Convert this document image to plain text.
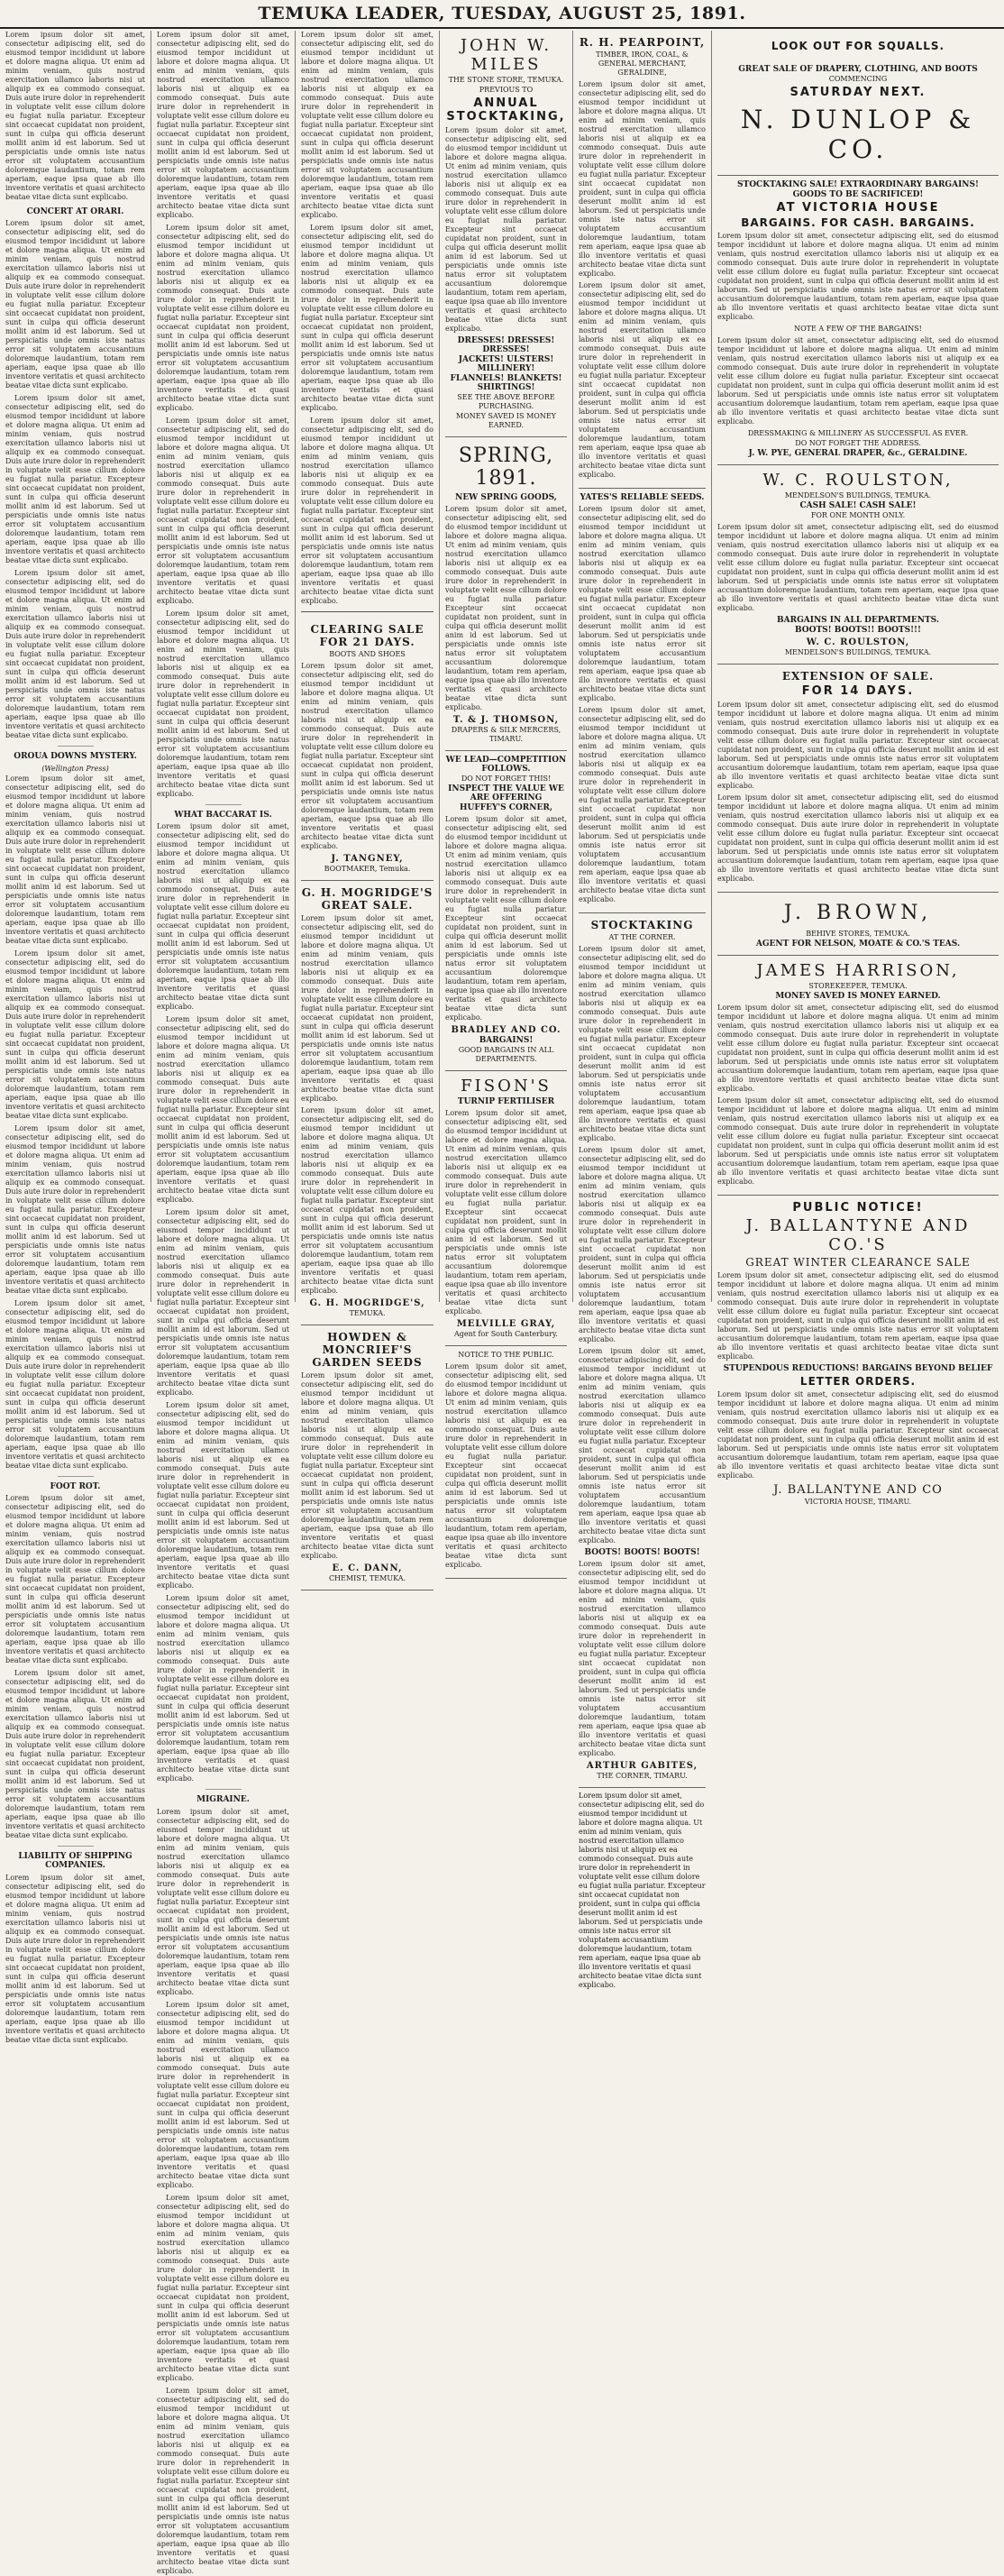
TEMUKA LEADER, TUESDAY, AUGUST 25, 1891.
Lorem ipsum dolor sit amet, consectetur adipiscing elit, sed do eiusmod tempor incididunt ut labore et dolore magna aliqua. Ut enim ad minim veniam, quis nostrud exercitation ullamco laboris nisi ut aliquip ex ea commodo consequat. Duis aute irure dolor in reprehenderit in voluptate velit esse cillum dolore eu fugiat nulla pariatur. Excepteur sint occaecat cupidatat non proident, sunt in culpa qui officia deserunt mollit anim id est laborum. Sed ut perspiciatis unde omnis iste natus error sit voluptatem accusantium doloremque laudantium, totam rem aperiam, eaque ipsa quae ab illo inventore veritatis et quasi architecto beatae vitae dicta sunt explicabo.
CONCERT AT ORARI.
Lorem ipsum dolor sit amet, consectetur adipiscing elit, sed do eiusmod tempor incididunt ut labore et dolore magna aliqua. Ut enim ad minim veniam, quis nostrud exercitation ullamco laboris nisi ut aliquip ex ea commodo consequat. Duis aute irure dolor in reprehenderit in voluptate velit esse cillum dolore eu fugiat nulla pariatur. Excepteur sint occaecat cupidatat non proident, sunt in culpa qui officia deserunt mollit anim id est laborum. Sed ut perspiciatis unde omnis iste natus error sit voluptatem accusantium doloremque laudantium, totam rem aperiam, eaque ipsa quae ab illo inventore veritatis et quasi architecto beatae vitae dicta sunt explicabo.
Lorem ipsum dolor sit amet, consectetur adipiscing elit, sed do eiusmod tempor incididunt ut labore et dolore magna aliqua. Ut enim ad minim veniam, quis nostrud exercitation ullamco laboris nisi ut aliquip ex ea commodo consequat. Duis aute irure dolor in reprehenderit in voluptate velit esse cillum dolore eu fugiat nulla pariatur. Excepteur sint occaecat cupidatat non proident, sunt in culpa qui officia deserunt mollit anim id est laborum. Sed ut perspiciatis unde omnis iste natus error sit voluptatem accusantium doloremque laudantium, totam rem aperiam, eaque ipsa quae ab illo inventore veritatis et quasi architecto beatae vitae dicta sunt explicabo.
Lorem ipsum dolor sit amet, consectetur adipiscing elit, sed do eiusmod tempor incididunt ut labore et dolore magna aliqua. Ut enim ad minim veniam, quis nostrud exercitation ullamco laboris nisi ut aliquip ex ea commodo consequat. Duis aute irure dolor in reprehenderit in voluptate velit esse cillum dolore eu fugiat nulla pariatur. Excepteur sint occaecat cupidatat non proident, sunt in culpa qui officia deserunt mollit anim id est laborum. Sed ut perspiciatis unde omnis iste natus error sit voluptatem accusantium doloremque laudantium, totam rem aperiam, eaque ipsa quae ab illo inventore veritatis et quasi architecto beatae vitae dicta sunt explicabo.
OROUA DOWNS MYSTERY.
(Wellington Press)
Lorem ipsum dolor sit amet, consectetur adipiscing elit, sed do eiusmod tempor incididunt ut labore et dolore magna aliqua. Ut enim ad minim veniam, quis nostrud exercitation ullamco laboris nisi ut aliquip ex ea commodo consequat. Duis aute irure dolor in reprehenderit in voluptate velit esse cillum dolore eu fugiat nulla pariatur. Excepteur sint occaecat cupidatat non proident, sunt in culpa qui officia deserunt mollit anim id est laborum. Sed ut perspiciatis unde omnis iste natus error sit voluptatem accusantium doloremque laudantium, totam rem aperiam, eaque ipsa quae ab illo inventore veritatis et quasi architecto beatae vitae dicta sunt explicabo.
Lorem ipsum dolor sit amet, consectetur adipiscing elit, sed do eiusmod tempor incididunt ut labore et dolore magna aliqua. Ut enim ad minim veniam, quis nostrud exercitation ullamco laboris nisi ut aliquip ex ea commodo consequat. Duis aute irure dolor in reprehenderit in voluptate velit esse cillum dolore eu fugiat nulla pariatur. Excepteur sint occaecat cupidatat non proident, sunt in culpa qui officia deserunt mollit anim id est laborum. Sed ut perspiciatis unde omnis iste natus error sit voluptatem accusantium doloremque laudantium, totam rem aperiam, eaque ipsa quae ab illo inventore veritatis et quasi architecto beatae vitae dicta sunt explicabo.
Lorem ipsum dolor sit amet, consectetur adipiscing elit, sed do eiusmod tempor incididunt ut labore et dolore magna aliqua. Ut enim ad minim veniam, quis nostrud exercitation ullamco laboris nisi ut aliquip ex ea commodo consequat. Duis aute irure dolor in reprehenderit in voluptate velit esse cillum dolore eu fugiat nulla pariatur. Excepteur sint occaecat cupidatat non proident, sunt in culpa qui officia deserunt mollit anim id est laborum. Sed ut perspiciatis unde omnis iste natus error sit voluptatem accusantium doloremque laudantium, totam rem aperiam, eaque ipsa quae ab illo inventore veritatis et quasi architecto beatae vitae dicta sunt explicabo.
Lorem ipsum dolor sit amet, consectetur adipiscing elit, sed do eiusmod tempor incididunt ut labore et dolore magna aliqua. Ut enim ad minim veniam, quis nostrud exercitation ullamco laboris nisi ut aliquip ex ea commodo consequat. Duis aute irure dolor in reprehenderit in voluptate velit esse cillum dolore eu fugiat nulla pariatur. Excepteur sint occaecat cupidatat non proident, sunt in culpa qui officia deserunt mollit anim id est laborum. Sed ut perspiciatis unde omnis iste natus error sit voluptatem accusantium doloremque laudantium, totam rem aperiam, eaque ipsa quae ab illo inventore veritatis et quasi architecto beatae vitae dicta sunt explicabo.
FOOT ROT.
Lorem ipsum dolor sit amet, consectetur adipiscing elit, sed do eiusmod tempor incididunt ut labore et dolore magna aliqua. Ut enim ad minim veniam, quis nostrud exercitation ullamco laboris nisi ut aliquip ex ea commodo consequat. Duis aute irure dolor in reprehenderit in voluptate velit esse cillum dolore eu fugiat nulla pariatur. Excepteur sint occaecat cupidatat non proident, sunt in culpa qui officia deserunt mollit anim id est laborum. Sed ut perspiciatis unde omnis iste natus error sit voluptatem accusantium doloremque laudantium, totam rem aperiam, eaque ipsa quae ab illo inventore veritatis et quasi architecto beatae vitae dicta sunt explicabo.
Lorem ipsum dolor sit amet, consectetur adipiscing elit, sed do eiusmod tempor incididunt ut labore et dolore magna aliqua. Ut enim ad minim veniam, quis nostrud exercitation ullamco laboris nisi ut aliquip ex ea commodo consequat. Duis aute irure dolor in reprehenderit in voluptate velit esse cillum dolore eu fugiat nulla pariatur. Excepteur sint occaecat cupidatat non proident, sunt in culpa qui officia deserunt mollit anim id est laborum. Sed ut perspiciatis unde omnis iste natus error sit voluptatem accusantium doloremque laudantium, totam rem aperiam, eaque ipsa quae ab illo inventore veritatis et quasi architecto beatae vitae dicta sunt explicabo.
LIABILITY OF SHIPPING COMPANIES.
Lorem ipsum dolor sit amet, consectetur adipiscing elit, sed do eiusmod tempor incididunt ut labore et dolore magna aliqua. Ut enim ad minim veniam, quis nostrud exercitation ullamco laboris nisi ut aliquip ex ea commodo consequat. Duis aute irure dolor in reprehenderit in voluptate velit esse cillum dolore eu fugiat nulla pariatur. Excepteur sint occaecat cupidatat non proident, sunt in culpa qui officia deserunt mollit anim id est laborum. Sed ut perspiciatis unde omnis iste natus error sit voluptatem accusantium doloremque laudantium, totam rem aperiam, eaque ipsa quae ab illo inventore veritatis et quasi architecto beatae vitae dicta sunt explicabo.
Lorem ipsum dolor sit amet, consectetur adipiscing elit, sed do eiusmod tempor incididunt ut labore et dolore magna aliqua. Ut enim ad minim veniam, quis nostrud exercitation ullamco laboris nisi ut aliquip ex ea commodo consequat. Duis aute irure dolor in reprehenderit in voluptate velit esse cillum dolore eu fugiat nulla pariatur. Excepteur sint occaecat cupidatat non proident, sunt in culpa qui officia deserunt mollit anim id est laborum. Sed ut perspiciatis unde omnis iste natus error sit voluptatem accusantium doloremque laudantium, totam rem aperiam, eaque ipsa quae ab illo inventore veritatis et quasi architecto beatae vitae dicta sunt explicabo.
Lorem ipsum dolor sit amet, consectetur adipiscing elit, sed do eiusmod tempor incididunt ut labore et dolore magna aliqua. Ut enim ad minim veniam, quis nostrud exercitation ullamco laboris nisi ut aliquip ex ea commodo consequat. Duis aute irure dolor in reprehenderit in voluptate velit esse cillum dolore eu fugiat nulla pariatur. Excepteur sint occaecat cupidatat non proident, sunt in culpa qui officia deserunt mollit anim id est laborum. Sed ut perspiciatis unde omnis iste natus error sit voluptatem accusantium doloremque laudantium, totam rem aperiam, eaque ipsa quae ab illo inventore veritatis et quasi architecto beatae vitae dicta sunt explicabo.
Lorem ipsum dolor sit amet, consectetur adipiscing elit, sed do eiusmod tempor incididunt ut labore et dolore magna aliqua. Ut enim ad minim veniam, quis nostrud exercitation ullamco laboris nisi ut aliquip ex ea commodo consequat. Duis aute irure dolor in reprehenderit in voluptate velit esse cillum dolore eu fugiat nulla pariatur. Excepteur sint occaecat cupidatat non proident, sunt in culpa qui officia deserunt mollit anim id est laborum. Sed ut perspiciatis unde omnis iste natus error sit voluptatem accusantium doloremque laudantium, totam rem aperiam, eaque ipsa quae ab illo inventore veritatis et quasi architecto beatae vitae dicta sunt explicabo.
Lorem ipsum dolor sit amet, consectetur adipiscing elit, sed do eiusmod tempor incididunt ut labore et dolore magna aliqua. Ut enim ad minim veniam, quis nostrud exercitation ullamco laboris nisi ut aliquip ex ea commodo consequat. Duis aute irure dolor in reprehenderit in voluptate velit esse cillum dolore eu fugiat nulla pariatur. Excepteur sint occaecat cupidatat non proident, sunt in culpa qui officia deserunt mollit anim id est laborum. Sed ut perspiciatis unde omnis iste natus error sit voluptatem accusantium doloremque laudantium, totam rem aperiam, eaque ipsa quae ab illo inventore veritatis et quasi architecto beatae vitae dicta sunt explicabo.
WHAT BACCARAT IS.
Lorem ipsum dolor sit amet, consectetur adipiscing elit, sed do eiusmod tempor incididunt ut labore et dolore magna aliqua. Ut enim ad minim veniam, quis nostrud exercitation ullamco laboris nisi ut aliquip ex ea commodo consequat. Duis aute irure dolor in reprehenderit in voluptate velit esse cillum dolore eu fugiat nulla pariatur. Excepteur sint occaecat cupidatat non proident, sunt in culpa qui officia deserunt mollit anim id est laborum. Sed ut perspiciatis unde omnis iste natus error sit voluptatem accusantium doloremque laudantium, totam rem aperiam, eaque ipsa quae ab illo inventore veritatis et quasi architecto beatae vitae dicta sunt explicabo.
Lorem ipsum dolor sit amet, consectetur adipiscing elit, sed do eiusmod tempor incididunt ut labore et dolore magna aliqua. Ut enim ad minim veniam, quis nostrud exercitation ullamco laboris nisi ut aliquip ex ea commodo consequat. Duis aute irure dolor in reprehenderit in voluptate velit esse cillum dolore eu fugiat nulla pariatur. Excepteur sint occaecat cupidatat non proident, sunt in culpa qui officia deserunt mollit anim id est laborum. Sed ut perspiciatis unde omnis iste natus error sit voluptatem accusantium doloremque laudantium, totam rem aperiam, eaque ipsa quae ab illo inventore veritatis et quasi architecto beatae vitae dicta sunt explicabo.
Lorem ipsum dolor sit amet, consectetur adipiscing elit, sed do eiusmod tempor incididunt ut labore et dolore magna aliqua. Ut enim ad minim veniam, quis nostrud exercitation ullamco laboris nisi ut aliquip ex ea commodo consequat. Duis aute irure dolor in reprehenderit in voluptate velit esse cillum dolore eu fugiat nulla pariatur. Excepteur sint occaecat cupidatat non proident, sunt in culpa qui officia deserunt mollit anim id est laborum. Sed ut perspiciatis unde omnis iste natus error sit voluptatem accusantium doloremque laudantium, totam rem aperiam, eaque ipsa quae ab illo inventore veritatis et quasi architecto beatae vitae dicta sunt explicabo.
Lorem ipsum dolor sit amet, consectetur adipiscing elit, sed do eiusmod tempor incididunt ut labore et dolore magna aliqua. Ut enim ad minim veniam, quis nostrud exercitation ullamco laboris nisi ut aliquip ex ea commodo consequat. Duis aute irure dolor in reprehenderit in voluptate velit esse cillum dolore eu fugiat nulla pariatur. Excepteur sint occaecat cupidatat non proident, sunt in culpa qui officia deserunt mollit anim id est laborum. Sed ut perspiciatis unde omnis iste natus error sit voluptatem accusantium doloremque laudantium, totam rem aperiam, eaque ipsa quae ab illo inventore veritatis et quasi architecto beatae vitae dicta sunt explicabo.
Lorem ipsum dolor sit amet, consectetur adipiscing elit, sed do eiusmod tempor incididunt ut labore et dolore magna aliqua. Ut enim ad minim veniam, quis nostrud exercitation ullamco laboris nisi ut aliquip ex ea commodo consequat. Duis aute irure dolor in reprehenderit in voluptate velit esse cillum dolore eu fugiat nulla pariatur. Excepteur sint occaecat cupidatat non proident, sunt in culpa qui officia deserunt mollit anim id est laborum. Sed ut perspiciatis unde omnis iste natus error sit voluptatem accusantium doloremque laudantium, totam rem aperiam, eaque ipsa quae ab illo inventore veritatis et quasi architecto beatae vitae dicta sunt explicabo.
MIGRAINE.
Lorem ipsum dolor sit amet, consectetur adipiscing elit, sed do eiusmod tempor incididunt ut labore et dolore magna aliqua. Ut enim ad minim veniam, quis nostrud exercitation ullamco laboris nisi ut aliquip ex ea commodo consequat. Duis aute irure dolor in reprehenderit in voluptate velit esse cillum dolore eu fugiat nulla pariatur. Excepteur sint occaecat cupidatat non proident, sunt in culpa qui officia deserunt mollit anim id est laborum. Sed ut perspiciatis unde omnis iste natus error sit voluptatem accusantium doloremque laudantium, totam rem aperiam, eaque ipsa quae ab illo inventore veritatis et quasi architecto beatae vitae dicta sunt explicabo.
Lorem ipsum dolor sit amet, consectetur adipiscing elit, sed do eiusmod tempor incididunt ut labore et dolore magna aliqua. Ut enim ad minim veniam, quis nostrud exercitation ullamco laboris nisi ut aliquip ex ea commodo consequat. Duis aute irure dolor in reprehenderit in voluptate velit esse cillum dolore eu fugiat nulla pariatur. Excepteur sint occaecat cupidatat non proident, sunt in culpa qui officia deserunt mollit anim id est laborum. Sed ut perspiciatis unde omnis iste natus error sit voluptatem accusantium doloremque laudantium, totam rem aperiam, eaque ipsa quae ab illo inventore veritatis et quasi architecto beatae vitae dicta sunt explicabo.
Lorem ipsum dolor sit amet, consectetur adipiscing elit, sed do eiusmod tempor incididunt ut labore et dolore magna aliqua. Ut enim ad minim veniam, quis nostrud exercitation ullamco laboris nisi ut aliquip ex ea commodo consequat. Duis aute irure dolor in reprehenderit in voluptate velit esse cillum dolore eu fugiat nulla pariatur. Excepteur sint occaecat cupidatat non proident, sunt in culpa qui officia deserunt mollit anim id est laborum. Sed ut perspiciatis unde omnis iste natus error sit voluptatem accusantium doloremque laudantium, totam rem aperiam, eaque ipsa quae ab illo inventore veritatis et quasi architecto beatae vitae dicta sunt explicabo.
Lorem ipsum dolor sit amet, consectetur adipiscing elit, sed do eiusmod tempor incididunt ut labore et dolore magna aliqua. Ut enim ad minim veniam, quis nostrud exercitation ullamco laboris nisi ut aliquip ex ea commodo consequat. Duis aute irure dolor in reprehenderit in voluptate velit esse cillum dolore eu fugiat nulla pariatur. Excepteur sint occaecat cupidatat non proident, sunt in culpa qui officia deserunt mollit anim id est laborum. Sed ut perspiciatis unde omnis iste natus error sit voluptatem accusantium doloremque laudantium, totam rem aperiam, eaque ipsa quae ab illo inventore veritatis et quasi architecto beatae vitae dicta sunt explicabo.
Lorem ipsum dolor sit amet, consectetur adipiscing elit, sed do eiusmod tempor incididunt ut labore et dolore magna aliqua. Ut enim ad minim veniam, quis nostrud exercitation ullamco laboris nisi ut aliquip ex ea commodo consequat. Duis aute irure dolor in reprehenderit in voluptate velit esse cillum dolore eu fugiat nulla pariatur. Excepteur sint occaecat cupidatat non proident, sunt in culpa qui officia deserunt mollit anim id est laborum. Sed ut perspiciatis unde omnis iste natus error sit voluptatem accusantium doloremque laudantium, totam rem aperiam, eaque ipsa quae ab illo inventore veritatis et quasi architecto beatae vitae dicta sunt explicabo.
Lorem ipsum dolor sit amet, consectetur adipiscing elit, sed do eiusmod tempor incididunt ut labore et dolore magna aliqua. Ut enim ad minim veniam, quis nostrud exercitation ullamco laboris nisi ut aliquip ex ea commodo consequat. Duis aute irure dolor in reprehenderit in voluptate velit esse cillum dolore eu fugiat nulla pariatur. Excepteur sint occaecat cupidatat non proident, sunt in culpa qui officia deserunt mollit anim id est laborum. Sed ut perspiciatis unde omnis iste natus error sit voluptatem accusantium doloremque laudantium, totam rem aperiam, eaque ipsa quae ab illo inventore veritatis et quasi architecto beatae vitae dicta sunt explicabo.
Lorem ipsum dolor sit amet, consectetur adipiscing elit, sed do eiusmod tempor incididunt ut labore et dolore magna aliqua. Ut enim ad minim veniam, quis nostrud exercitation ullamco laboris nisi ut aliquip ex ea commodo consequat. Duis aute irure dolor in reprehenderit in voluptate velit esse cillum dolore eu fugiat nulla pariatur. Excepteur sint occaecat cupidatat non proident, sunt in culpa qui officia deserunt mollit anim id est laborum. Sed ut perspiciatis unde omnis iste natus error sit voluptatem accusantium doloremque laudantium, totam rem aperiam, eaque ipsa quae ab illo inventore veritatis et quasi architecto beatae vitae dicta sunt explicabo.
CLEARING SALE FOR 21 DAYS.
BOOTS AND SHOES
Lorem ipsum dolor sit amet, consectetur adipiscing elit, sed do eiusmod tempor incididunt ut labore et dolore magna aliqua. Ut enim ad minim veniam, quis nostrud exercitation ullamco laboris nisi ut aliquip ex ea commodo consequat. Duis aute irure dolor in reprehenderit in voluptate velit esse cillum dolore eu fugiat nulla pariatur. Excepteur sint occaecat cupidatat non proident, sunt in culpa qui officia deserunt mollit anim id est laborum. Sed ut perspiciatis unde omnis iste natus error sit voluptatem accusantium doloremque laudantium, totam rem aperiam, eaque ipsa quae ab illo inventore veritatis et quasi architecto beatae vitae dicta sunt explicabo.
J. TANGNEY,
BOOTMAKER, Temuka.
G. H. MOGRIDGE'S GREAT SALE.
Lorem ipsum dolor sit amet, consectetur adipiscing elit, sed do eiusmod tempor incididunt ut labore et dolore magna aliqua. Ut enim ad minim veniam, quis nostrud exercitation ullamco laboris nisi ut aliquip ex ea commodo consequat. Duis aute irure dolor in reprehenderit in voluptate velit esse cillum dolore eu fugiat nulla pariatur. Excepteur sint occaecat cupidatat non proident, sunt in culpa qui officia deserunt mollit anim id est laborum. Sed ut perspiciatis unde omnis iste natus error sit voluptatem accusantium doloremque laudantium, totam rem aperiam, eaque ipsa quae ab illo inventore veritatis et quasi architecto beatae vitae dicta sunt explicabo.
Lorem ipsum dolor sit amet, consectetur adipiscing elit, sed do eiusmod tempor incididunt ut labore et dolore magna aliqua. Ut enim ad minim veniam, quis nostrud exercitation ullamco laboris nisi ut aliquip ex ea commodo consequat. Duis aute irure dolor in reprehenderit in voluptate velit esse cillum dolore eu fugiat nulla pariatur. Excepteur sint occaecat cupidatat non proident, sunt in culpa qui officia deserunt mollit anim id est laborum. Sed ut perspiciatis unde omnis iste natus error sit voluptatem accusantium doloremque laudantium, totam rem aperiam, eaque ipsa quae ab illo inventore veritatis et quasi architecto beatae vitae dicta sunt explicabo.
G. H. MOGRIDGE'S,
TEMUKA.
HOWDEN & MONCRIEF'S GARDEN SEEDS
Lorem ipsum dolor sit amet, consectetur adipiscing elit, sed do eiusmod tempor incididunt ut labore et dolore magna aliqua. Ut enim ad minim veniam, quis nostrud exercitation ullamco laboris nisi ut aliquip ex ea commodo consequat. Duis aute irure dolor in reprehenderit in voluptate velit esse cillum dolore eu fugiat nulla pariatur. Excepteur sint occaecat cupidatat non proident, sunt in culpa qui officia deserunt mollit anim id est laborum. Sed ut perspiciatis unde omnis iste natus error sit voluptatem accusantium doloremque laudantium, totam rem aperiam, eaque ipsa quae ab illo inventore veritatis et quasi architecto beatae vitae dicta sunt explicabo.
E. C. DANN,
CHEMIST, TEMUKA.
JOHN W. MILES
THE STONE STORE, TEMUKA.
PREVIOUS TO
ANNUAL STOCKTAKING,
Lorem ipsum dolor sit amet, consectetur adipiscing elit, sed do eiusmod tempor incididunt ut labore et dolore magna aliqua. Ut enim ad minim veniam, quis nostrud exercitation ullamco laboris nisi ut aliquip ex ea commodo consequat. Duis aute irure dolor in reprehenderit in voluptate velit esse cillum dolore eu fugiat nulla pariatur. Excepteur sint occaecat cupidatat non proident, sunt in culpa qui officia deserunt mollit anim id est laborum. Sed ut perspiciatis unde omnis iste natus error sit voluptatem accusantium doloremque laudantium, totam rem aperiam, eaque ipsa quae ab illo inventore veritatis et quasi architecto beatae vitae dicta sunt explicabo.
DRESSES! DRESSES! DRESSES!
JACKETS! ULSTERS! MILLINERY!
FLANNELS! BLANKETS! SHIRTINGS!
SEE THE ABOVE BEFORE PURCHASING.
MONEY SAVED IS MONEY EARNED.
SPRING, 1891.
NEW SPRING GOODS,
Lorem ipsum dolor sit amet, consectetur adipiscing elit, sed do eiusmod tempor incididunt ut labore et dolore magna aliqua. Ut enim ad minim veniam, quis nostrud exercitation ullamco laboris nisi ut aliquip ex ea commodo consequat. Duis aute irure dolor in reprehenderit in voluptate velit esse cillum dolore eu fugiat nulla pariatur. Excepteur sint occaecat cupidatat non proident, sunt in culpa qui officia deserunt mollit anim id est laborum. Sed ut perspiciatis unde omnis iste natus error sit voluptatem accusantium doloremque laudantium, totam rem aperiam, eaque ipsa quae ab illo inventore veritatis et quasi architecto beatae vitae dicta sunt explicabo.
T. & J. THOMSON,
DRAPERS & SILK MERCERS, TIMARU.
WE LEAD—COMPETITION FOLLOWS.
DO NOT FORGET THIS!
INSPECT THE VALUE WE ARE OFFERING
HUFFEY'S CORNER,
Lorem ipsum dolor sit amet, consectetur adipiscing elit, sed do eiusmod tempor incididunt ut labore et dolore magna aliqua. Ut enim ad minim veniam, quis nostrud exercitation ullamco laboris nisi ut aliquip ex ea commodo consequat. Duis aute irure dolor in reprehenderit in voluptate velit esse cillum dolore eu fugiat nulla pariatur. Excepteur sint occaecat cupidatat non proident, sunt in culpa qui officia deserunt mollit anim id est laborum. Sed ut perspiciatis unde omnis iste natus error sit voluptatem accusantium doloremque laudantium, totam rem aperiam, eaque ipsa quae ab illo inventore veritatis et quasi architecto beatae vitae dicta sunt explicabo.
BRADLEY AND CO.
BARGAINS!
GOOD BARGAINS IN ALL DEPARTMENTS.
FISON'S
TURNIP FERTILISER
Lorem ipsum dolor sit amet, consectetur adipiscing elit, sed do eiusmod tempor incididunt ut labore et dolore magna aliqua. Ut enim ad minim veniam, quis nostrud exercitation ullamco laboris nisi ut aliquip ex ea commodo consequat. Duis aute irure dolor in reprehenderit in voluptate velit esse cillum dolore eu fugiat nulla pariatur. Excepteur sint occaecat cupidatat non proident, sunt in culpa qui officia deserunt mollit anim id est laborum. Sed ut perspiciatis unde omnis iste natus error sit voluptatem accusantium doloremque laudantium, totam rem aperiam, eaque ipsa quae ab illo inventore veritatis et quasi architecto beatae vitae dicta sunt explicabo.
MELVILLE GRAY,
Agent for South Canterbury.
NOTICE TO THE PUBLIC.
Lorem ipsum dolor sit amet, consectetur adipiscing elit, sed do eiusmod tempor incididunt ut labore et dolore magna aliqua. Ut enim ad minim veniam, quis nostrud exercitation ullamco laboris nisi ut aliquip ex ea commodo consequat. Duis aute irure dolor in reprehenderit in voluptate velit esse cillum dolore eu fugiat nulla pariatur. Excepteur sint occaecat cupidatat non proident, sunt in culpa qui officia deserunt mollit anim id est laborum. Sed ut perspiciatis unde omnis iste natus error sit voluptatem accusantium doloremque laudantium, totam rem aperiam, eaque ipsa quae ab illo inventore veritatis et quasi architecto beatae vitae dicta sunt explicabo.
R. H. PEARPOINT,
TIMBER, IRON, COAL, & GENERAL MERCHANT, GERALDINE,
Lorem ipsum dolor sit amet, consectetur adipiscing elit, sed do eiusmod tempor incididunt ut labore et dolore magna aliqua. Ut enim ad minim veniam, quis nostrud exercitation ullamco laboris nisi ut aliquip ex ea commodo consequat. Duis aute irure dolor in reprehenderit in voluptate velit esse cillum dolore eu fugiat nulla pariatur. Excepteur sint occaecat cupidatat non proident, sunt in culpa qui officia deserunt mollit anim id est laborum. Sed ut perspiciatis unde omnis iste natus error sit voluptatem accusantium doloremque laudantium, totam rem aperiam, eaque ipsa quae ab illo inventore veritatis et quasi architecto beatae vitae dicta sunt explicabo.
Lorem ipsum dolor sit amet, consectetur adipiscing elit, sed do eiusmod tempor incididunt ut labore et dolore magna aliqua. Ut enim ad minim veniam, quis nostrud exercitation ullamco laboris nisi ut aliquip ex ea commodo consequat. Duis aute irure dolor in reprehenderit in voluptate velit esse cillum dolore eu fugiat nulla pariatur. Excepteur sint occaecat cupidatat non proident, sunt in culpa qui officia deserunt mollit anim id est laborum. Sed ut perspiciatis unde omnis iste natus error sit voluptatem accusantium doloremque laudantium, totam rem aperiam, eaque ipsa quae ab illo inventore veritatis et quasi architecto beatae vitae dicta sunt explicabo.
YATES'S RELIABLE SEEDS.
Lorem ipsum dolor sit amet, consectetur adipiscing elit, sed do eiusmod tempor incididunt ut labore et dolore magna aliqua. Ut enim ad minim veniam, quis nostrud exercitation ullamco laboris nisi ut aliquip ex ea commodo consequat. Duis aute irure dolor in reprehenderit in voluptate velit esse cillum dolore eu fugiat nulla pariatur. Excepteur sint occaecat cupidatat non proident, sunt in culpa qui officia deserunt mollit anim id est laborum. Sed ut perspiciatis unde omnis iste natus error sit voluptatem accusantium doloremque laudantium, totam rem aperiam, eaque ipsa quae ab illo inventore veritatis et quasi architecto beatae vitae dicta sunt explicabo.
Lorem ipsum dolor sit amet, consectetur adipiscing elit, sed do eiusmod tempor incididunt ut labore et dolore magna aliqua. Ut enim ad minim veniam, quis nostrud exercitation ullamco laboris nisi ut aliquip ex ea commodo consequat. Duis aute irure dolor in reprehenderit in voluptate velit esse cillum dolore eu fugiat nulla pariatur. Excepteur sint occaecat cupidatat non proident, sunt in culpa qui officia deserunt mollit anim id est laborum. Sed ut perspiciatis unde omnis iste natus error sit voluptatem accusantium doloremque laudantium, totam rem aperiam, eaque ipsa quae ab illo inventore veritatis et quasi architecto beatae vitae dicta sunt explicabo.
STOCKTAKING
AT THE CORNER.
Lorem ipsum dolor sit amet, consectetur adipiscing elit, sed do eiusmod tempor incididunt ut labore et dolore magna aliqua. Ut enim ad minim veniam, quis nostrud exercitation ullamco laboris nisi ut aliquip ex ea commodo consequat. Duis aute irure dolor in reprehenderit in voluptate velit esse cillum dolore eu fugiat nulla pariatur. Excepteur sint occaecat cupidatat non proident, sunt in culpa qui officia deserunt mollit anim id est laborum. Sed ut perspiciatis unde omnis iste natus error sit voluptatem accusantium doloremque laudantium, totam rem aperiam, eaque ipsa quae ab illo inventore veritatis et quasi architecto beatae vitae dicta sunt explicabo.
Lorem ipsum dolor sit amet, consectetur adipiscing elit, sed do eiusmod tempor incididunt ut labore et dolore magna aliqua. Ut enim ad minim veniam, quis nostrud exercitation ullamco laboris nisi ut aliquip ex ea commodo consequat. Duis aute irure dolor in reprehenderit in voluptate velit esse cillum dolore eu fugiat nulla pariatur. Excepteur sint occaecat cupidatat non proident, sunt in culpa qui officia deserunt mollit anim id est laborum. Sed ut perspiciatis unde omnis iste natus error sit voluptatem accusantium doloremque laudantium, totam rem aperiam, eaque ipsa quae ab illo inventore veritatis et quasi architecto beatae vitae dicta sunt explicabo.
Lorem ipsum dolor sit amet, consectetur adipiscing elit, sed do eiusmod tempor incididunt ut labore et dolore magna aliqua. Ut enim ad minim veniam, quis nostrud exercitation ullamco laboris nisi ut aliquip ex ea commodo consequat. Duis aute irure dolor in reprehenderit in voluptate velit esse cillum dolore eu fugiat nulla pariatur. Excepteur sint occaecat cupidatat non proident, sunt in culpa qui officia deserunt mollit anim id est laborum. Sed ut perspiciatis unde omnis iste natus error sit voluptatem accusantium doloremque laudantium, totam rem aperiam, eaque ipsa quae ab illo inventore veritatis et quasi architecto beatae vitae dicta sunt explicabo.
BOOTS! BOOTS! BOOTS!
Lorem ipsum dolor sit amet, consectetur adipiscing elit, sed do eiusmod tempor incididunt ut labore et dolore magna aliqua. Ut enim ad minim veniam, quis nostrud exercitation ullamco laboris nisi ut aliquip ex ea commodo consequat. Duis aute irure dolor in reprehenderit in voluptate velit esse cillum dolore eu fugiat nulla pariatur. Excepteur sint occaecat cupidatat non proident, sunt in culpa qui officia deserunt mollit anim id est laborum. Sed ut perspiciatis unde omnis iste natus error sit voluptatem accusantium doloremque laudantium, totam rem aperiam, eaque ipsa quae ab illo inventore veritatis et quasi architecto beatae vitae dicta sunt explicabo.
ARTHUR GABITES,
THE CORNER, TIMARU.
Lorem ipsum dolor sit amet, consectetur adipiscing elit, sed do eiusmod tempor incididunt ut labore et dolore magna aliqua. Ut enim ad minim veniam, quis nostrud exercitation ullamco laboris nisi ut aliquip ex ea commodo consequat. Duis aute irure dolor in reprehenderit in voluptate velit esse cillum dolore eu fugiat nulla pariatur. Excepteur sint occaecat cupidatat non proident, sunt in culpa qui officia deserunt mollit anim id est laborum. Sed ut perspiciatis unde omnis iste natus error sit voluptatem accusantium doloremque laudantium, totam rem aperiam, eaque ipsa quae ab illo inventore veritatis et quasi architecto beatae vitae dicta sunt explicabo.
LOOK OUT FOR SQUALLS.
GREAT SALE OF DRAPERY, CLOTHING, AND BOOTS
COMMENCING
SATURDAY NEXT.
N. DUNLOP & CO.
STOCKTAKING SALE! EXTRAORDINARY BARGAINS!
GOODS TO BE SACRIFICED!
AT VICTORIA HOUSE
BARGAINS. FOR CASH. BARGAINS.
Lorem ipsum dolor sit amet, consectetur adipiscing elit, sed do eiusmod tempor incididunt ut labore et dolore magna aliqua. Ut enim ad minim veniam, quis nostrud exercitation ullamco laboris nisi ut aliquip ex ea commodo consequat. Duis aute irure dolor in reprehenderit in voluptate velit esse cillum dolore eu fugiat nulla pariatur. Excepteur sint occaecat cupidatat non proident, sunt in culpa qui officia deserunt mollit anim id est laborum. Sed ut perspiciatis unde omnis iste natus error sit voluptatem accusantium doloremque laudantium, totam rem aperiam, eaque ipsa quae ab illo inventore veritatis et quasi architecto beatae vitae dicta sunt explicabo.
NOTE A FEW OF THE BARGAINS!
Lorem ipsum dolor sit amet, consectetur adipiscing elit, sed do eiusmod tempor incididunt ut labore et dolore magna aliqua. Ut enim ad minim veniam, quis nostrud exercitation ullamco laboris nisi ut aliquip ex ea commodo consequat. Duis aute irure dolor in reprehenderit in voluptate velit esse cillum dolore eu fugiat nulla pariatur. Excepteur sint occaecat cupidatat non proident, sunt in culpa qui officia deserunt mollit anim id est laborum. Sed ut perspiciatis unde omnis iste natus error sit voluptatem accusantium doloremque laudantium, totam rem aperiam, eaque ipsa quae ab illo inventore veritatis et quasi architecto beatae vitae dicta sunt explicabo.
DRESSMAKING & MILLINERY AS SUCCESSFUL AS EVER.
DO NOT FORGET THE ADDRESS.
J. W. PYE, GENERAL DRAPER, &c., GERALDINE.
W. C. ROULSTON,
MENDELSON'S BUILDINGS, TEMUKA.
CASH SALE! CASH SALE!
FOR ONE MONTH ONLY.
Lorem ipsum dolor sit amet, consectetur adipiscing elit, sed do eiusmod tempor incididunt ut labore et dolore magna aliqua. Ut enim ad minim veniam, quis nostrud exercitation ullamco laboris nisi ut aliquip ex ea commodo consequat. Duis aute irure dolor in reprehenderit in voluptate velit esse cillum dolore eu fugiat nulla pariatur. Excepteur sint occaecat cupidatat non proident, sunt in culpa qui officia deserunt mollit anim id est laborum. Sed ut perspiciatis unde omnis iste natus error sit voluptatem accusantium doloremque laudantium, totam rem aperiam, eaque ipsa quae ab illo inventore veritatis et quasi architecto beatae vitae dicta sunt explicabo.
BARGAINS IN ALL DEPARTMENTS.
BOOTS! BOOTS!! BOOTS!!!
W. C. ROULSTON,
MENDELSON'S BUILDINGS, TEMUKA.
EXTENSION OF SALE.
FOR 14 DAYS.
Lorem ipsum dolor sit amet, consectetur adipiscing elit, sed do eiusmod tempor incididunt ut labore et dolore magna aliqua. Ut enim ad minim veniam, quis nostrud exercitation ullamco laboris nisi ut aliquip ex ea commodo consequat. Duis aute irure dolor in reprehenderit in voluptate velit esse cillum dolore eu fugiat nulla pariatur. Excepteur sint occaecat cupidatat non proident, sunt in culpa qui officia deserunt mollit anim id est laborum. Sed ut perspiciatis unde omnis iste natus error sit voluptatem accusantium doloremque laudantium, totam rem aperiam, eaque ipsa quae ab illo inventore veritatis et quasi architecto beatae vitae dicta sunt explicabo.
Lorem ipsum dolor sit amet, consectetur adipiscing elit, sed do eiusmod tempor incididunt ut labore et dolore magna aliqua. Ut enim ad minim veniam, quis nostrud exercitation ullamco laboris nisi ut aliquip ex ea commodo consequat. Duis aute irure dolor in reprehenderit in voluptate velit esse cillum dolore eu fugiat nulla pariatur. Excepteur sint occaecat cupidatat non proident, sunt in culpa qui officia deserunt mollit anim id est laborum. Sed ut perspiciatis unde omnis iste natus error sit voluptatem accusantium doloremque laudantium, totam rem aperiam, eaque ipsa quae ab illo inventore veritatis et quasi architecto beatae vitae dicta sunt explicabo.
J. BROWN,
BEHIVE STORES, TEMUKA.
AGENT FOR NELSON, MOATE & CO.'S TEAS.
JAMES HARRISON,
STOREKEEPER, TEMUKA.
MONEY SAVED IS MONEY EARNED.
Lorem ipsum dolor sit amet, consectetur adipiscing elit, sed do eiusmod tempor incididunt ut labore et dolore magna aliqua. Ut enim ad minim veniam, quis nostrud exercitation ullamco laboris nisi ut aliquip ex ea commodo consequat. Duis aute irure dolor in reprehenderit in voluptate velit esse cillum dolore eu fugiat nulla pariatur. Excepteur sint occaecat cupidatat non proident, sunt in culpa qui officia deserunt mollit anim id est laborum. Sed ut perspiciatis unde omnis iste natus error sit voluptatem accusantium doloremque laudantium, totam rem aperiam, eaque ipsa quae ab illo inventore veritatis et quasi architecto beatae vitae dicta sunt explicabo.
Lorem ipsum dolor sit amet, consectetur adipiscing elit, sed do eiusmod tempor incididunt ut labore et dolore magna aliqua. Ut enim ad minim veniam, quis nostrud exercitation ullamco laboris nisi ut aliquip ex ea commodo consequat. Duis aute irure dolor in reprehenderit in voluptate velit esse cillum dolore eu fugiat nulla pariatur. Excepteur sint occaecat cupidatat non proident, sunt in culpa qui officia deserunt mollit anim id est laborum. Sed ut perspiciatis unde omnis iste natus error sit voluptatem accusantium doloremque laudantium, totam rem aperiam, eaque ipsa quae ab illo inventore veritatis et quasi architecto beatae vitae dicta sunt explicabo.
PUBLIC NOTICE!
J. BALLANTYNE AND CO.'S
GREAT WINTER CLEARANCE SALE
Lorem ipsum dolor sit amet, consectetur adipiscing elit, sed do eiusmod tempor incididunt ut labore et dolore magna aliqua. Ut enim ad minim veniam, quis nostrud exercitation ullamco laboris nisi ut aliquip ex ea commodo consequat. Duis aute irure dolor in reprehenderit in voluptate velit esse cillum dolore eu fugiat nulla pariatur. Excepteur sint occaecat cupidatat non proident, sunt in culpa qui officia deserunt mollit anim id est laborum. Sed ut perspiciatis unde omnis iste natus error sit voluptatem accusantium doloremque laudantium, totam rem aperiam, eaque ipsa quae ab illo inventore veritatis et quasi architecto beatae vitae dicta sunt explicabo.
STUPENDOUS REDUCTIONS! BARGAINS BEYOND BELIEF
LETTER ORDERS.
Lorem ipsum dolor sit amet, consectetur adipiscing elit, sed do eiusmod tempor incididunt ut labore et dolore magna aliqua. Ut enim ad minim veniam, quis nostrud exercitation ullamco laboris nisi ut aliquip ex ea commodo consequat. Duis aute irure dolor in reprehenderit in voluptate velit esse cillum dolore eu fugiat nulla pariatur. Excepteur sint occaecat cupidatat non proident, sunt in culpa qui officia deserunt mollit anim id est laborum. Sed ut perspiciatis unde omnis iste natus error sit voluptatem accusantium doloremque laudantium, totam rem aperiam, eaque ipsa quae ab illo inventore veritatis et quasi architecto beatae vitae dicta sunt explicabo.
J. BALLANTYNE AND CO
VICTORIA HOUSE, TIMARU.
